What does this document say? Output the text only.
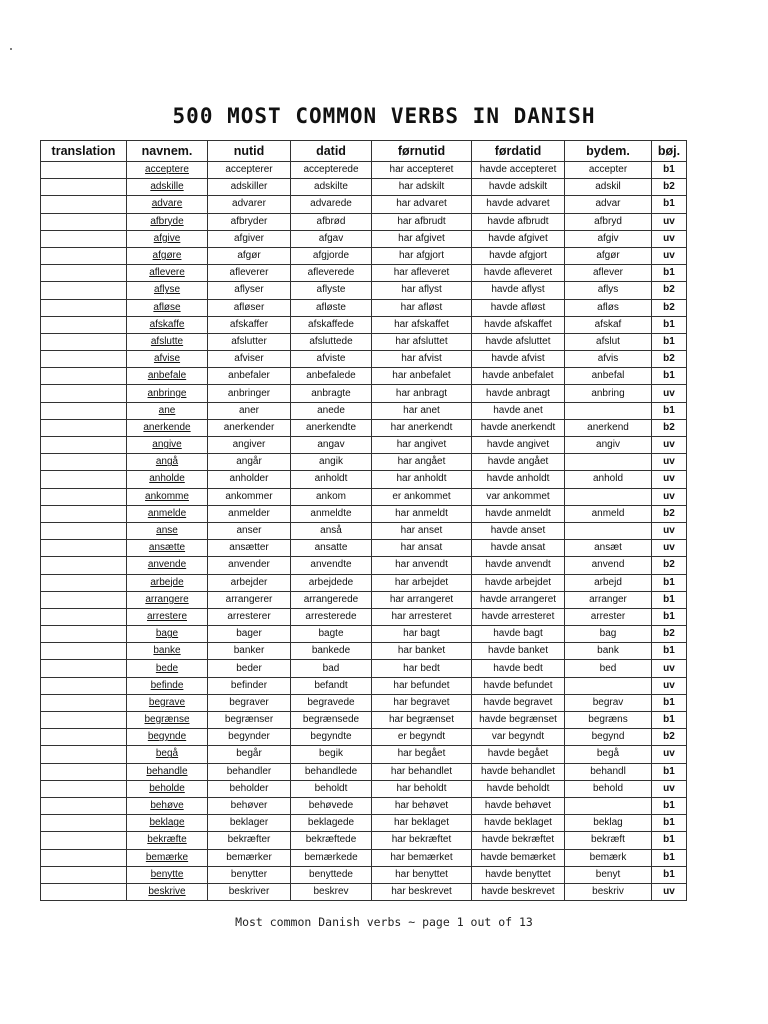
500 MOST COMMON VERBS IN DANISH
translation	navnem.	nutid	datid	førnutid	førdatid	bydem.	bøj.
	acceptere	accepterer	accepterede	har accepteret	havde accepteret	accepter	b1
	adskille	adskiller	adskilte	har adskilt	havde adskilt	adskil	b2
	advare	advarer	advarede	har advaret	havde advaret	advar	b1
	afbryde	afbryder	afbrød	har afbrudt	havde afbrudt	afbryd	uv
	afgive	afgiver	afgav	har afgivet	havde afgivet	afgiv	uv
	afgøre	afgør	afgjorde	har afgjort	havde afgjort	afgør	uv
	aflevere	afleverer	afleverede	har afleveret	havde afleveret	aflever	b1
	aflyse	aflyser	aflyste	har aflyst	havde aflyst	aflys	b2
	afløse	afløser	afløste	har afløst	havde afløst	afløs	b2
	afskaffe	afskaffer	afskaffede	har afskaffet	havde afskaffet	afskaf	b1
	afslutte	afslutter	afsluttede	har afsluttet	havde afsluttet	afslut	b1
	afvise	afviser	afviste	har afvist	havde afvist	afvis	b2
	anbefale	anbefaler	anbefalede	har anbefalet	havde anbefalet	anbefal	b1
	anbringe	anbringer	anbragte	har anbragt	havde anbragt	anbring	uv
	ane	aner	anede	har anet	havde anet		b1
	anerkende	anerkender	anerkendte	har anerkendt	havde anerkendt	anerkend	b2
	angive	angiver	angav	har angivet	havde angivet	angiv	uv
	angå	angår	angik	har angået	havde angået		uv
	anholde	anholder	anholdt	har anholdt	havde anholdt	anhold	uv
	ankomme	ankommer	ankom	er ankommet	var ankommet		uv
	anmelde	anmelder	anmeldte	har anmeldt	havde anmeldt	anmeld	b2
	anse	anser	anså	har anset	havde anset		uv
	ansætte	ansætter	ansatte	har ansat	havde ansat	ansæt	uv
	anvende	anvender	anvendte	har anvendt	havde anvendt	anvend	b2
	arbejde	arbejder	arbejdede	har arbejdet	havde arbejdet	arbejd	b1
	arrangere	arrangerer	arrangerede	har arrangeret	havde arrangeret	arranger	b1
	arrestere	arresterer	arresterede	har arresteret	havde arresteret	arrester	b1
	bage	bager	bagte	har bagt	havde bagt	bag	b2
	banke	banker	bankede	har banket	havde banket	bank	b1
	bede	beder	bad	har bedt	havde bedt	bed	uv
	befinde	befinder	befandt	har befundet	havde befundet		uv
	begrave	begraver	begravede	har begravet	havde begravet	begrav	b1
	begrænse	begrænser	begrænsede	har begrænset	havde begrænset	begræns	b1
	begynde	begynder	begyndte	er begyndt	var begyndt	begynd	b2
	begå	begår	begik	har begået	havde begået	begå	uv
	behandle	behandler	behandlede	har behandlet	havde behandlet	behandl	b1
	beholde	beholder	beholdt	har beholdt	havde beholdt	behold	uv
	behøve	behøver	behøvede	har behøvet	havde behøvet		b1
	beklage	beklager	beklagede	har beklaget	havde beklaget	beklag	b1
	bekræfte	bekræfter	bekræftede	har bekræftet	havde bekræftet	bekræft	b1
	bemærke	bemærker	bemærkede	har bemærket	havde bemærket	bemærk	b1
	benytte	benytter	benyttede	har benyttet	havde benyttet	benyt	b1
	beskrive	beskriver	beskrev	har beskrevet	havde beskrevet	beskriv	uv

Most common Danish verbs ~ page 1 out of 13
